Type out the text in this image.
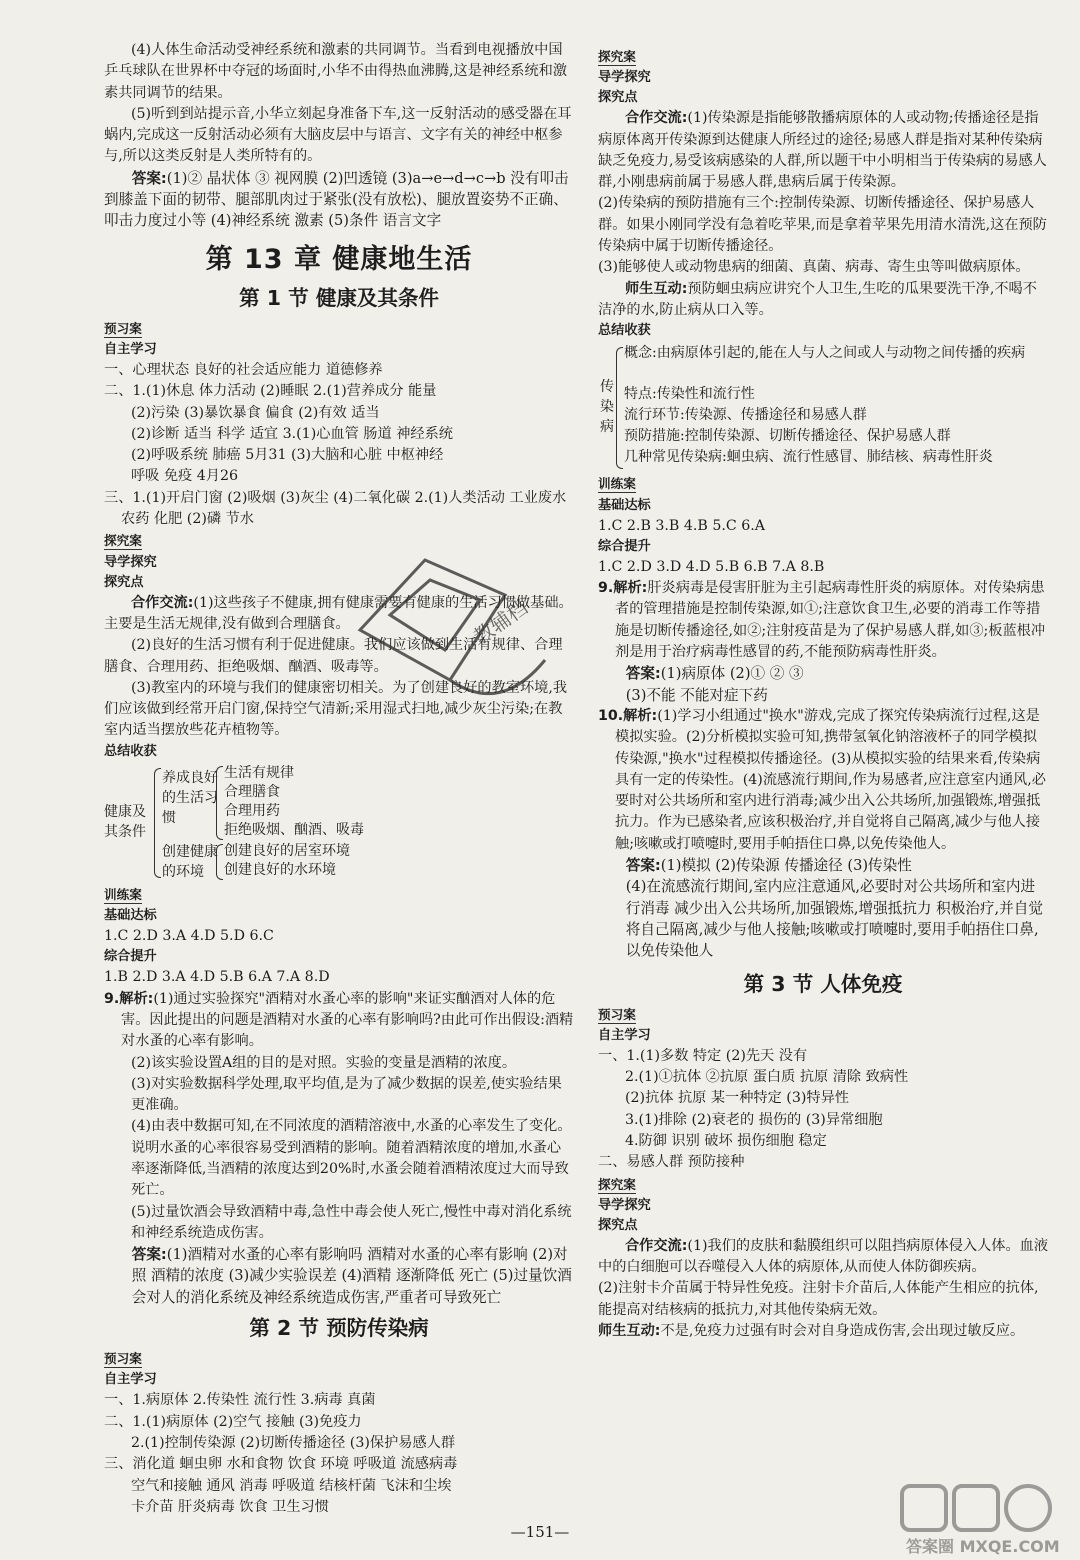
(4)人体生命活动受神经系统和激素的共同调节。当看到电视播放中国乒乓球队在世界杯中夺冠的场面时,小华不由得热血沸腾,这是神经系统和激素共同调节的结果。

(5)听到到站提示音,小华立刻起身准备下车,这一反射活动的感受器在耳蜗内,完成这一反射活动必须有大脑皮层中与语言、文字有关的神经中枢参与,所以这类反射是人类所特有的。

答案:(1)② 晶状体 ③ 视网膜 (2)凹透镜 (3)a→e→d→c→b 没有叩击到膝盖下面的韧带、腿部肌肉过于紧张(没有放松)、腿放置姿势不正确、叩击力度过小等 (4)神经系统 激素 (5)条件 语言文字

第 13 章 健康地生活
第 1 节 健康及其条件
预习案
自主学习

一、心理状态 良好的社会适应能力 道德修养

二、1.(1)休息 体力活动 (2)睡眠 2.(1)营养成分 能量

(2)污染 (3)暴饮暴食 偏食 (2)有效 适当

(2)诊断 适当 科学 适宜 3.(1)心血管 肠道 神经系统

(2)呼吸系统 肺癌 5月31 (3)大脑和心脏 中枢神经

呼吸 免疫 4月26

三、1.(1)开启门窗 (2)吸烟 (3)灰尘 (4)二氧化碳 2.(1)人类活动 工业废水 农药 化肥 (2)磷 节水

探究案
导学探究
探究点

合作交流:(1)这些孩子不健康,拥有健康需要有健康的生活习惯做基础。主要是生活无规律,没有做到合理膳食。

(2)良好的生活习惯有利于促进健康。我们应该做到生活有规律、合理膳食、合理用药、拒绝吸烟、酗酒、吸毒等。

(3)教室内的环境与我们的健康密切相关。为了创建良好的教室环境,我们应该做到经常开启门窗,保持空气清新;采用湿式扫地,减少灰尘污染;在教室内适当摆放些花卉植物等。

总结收获
健康及其条件
养成良好的生活习惯
生活有规律
合理膳食
合理用药
拒绝吸烟、酗酒、吸毒
创建健康的环境
创建良好的居室环境
创建良好的水环境
训练案
基础达标

1.C 2.D 3.A 4.D 5.D 6.C

综合提升

1.B 2.D 3.A 4.D 5.B 6.A 7.A 8.D

9.解析:(1)通过实验探究"酒精对水蚤心率的影响"来证实酗酒对人体的危害。因此提出的问题是酒精对水蚤的心率有影响吗?由此可作出假设:酒精对水蚤的心率有影响。

(2)该实验设置A组的目的是对照。实验的变量是酒精的浓度。

(3)对实验数据科学处理,取平均值,是为了减少数据的误差,使实验结果更准确。

(4)由表中数据可知,在不同浓度的酒精溶液中,水蚤的心率发生了变化。说明水蚤的心率很容易受到酒精的影响。随着酒精浓度的增加,水蚤心率逐渐降低,当酒精的浓度达到20%时,水蚤会随着酒精浓度过大而导致死亡。

(5)过量饮酒会导致酒精中毒,急性中毒会使人死亡,慢性中毒对消化系统和神经系统造成伤害。

答案:(1)酒精对水蚤的心率有影响吗 酒精对水蚤的心率有影响 (2)对照 酒精的浓度 (3)减少实验误差 (4)酒精 逐渐降低 死亡 (5)过量饮酒会对人的消化系统及神经系统造成伤害,严重者可导致死亡

第 2 节 预防传染病
预习案
自主学习

一、1.病原体 2.传染性 流行性 3.病毒 真菌

二、1.(1)病原体 (2)空气 接触 (3)免疫力

2.(1)控制传染源 (2)切断传播途径 (3)保护易感人群

三、消化道 蛔虫卵 水和食物 饮食 环境 呼吸道 流感病毒

空气和接触 通风 消毒 呼吸道 结核杆菌 飞沫和尘埃

卡介苗 肝炎病毒 饮食 卫生习惯

探究案
导学探究
探究点

合作交流:(1)传染源是指能够散播病原体的人或动物;传播途径是指病原体离开传染源到达健康人所经过的途径;易感人群是指对某种传染病缺乏免疫力,易受该病感染的人群,所以题干中小明相当于传染病的易感人群,小刚患病前属于易感人群,患病后属于传染源。

(2)传染病的预防措施有三个:控制传染源、切断传播途径、保护易感人群。如果小刚同学没有急着吃苹果,而是拿着苹果先用清水清洗,这在预防传染病中属于切断传播途径。

(3)能够使人或动物患病的细菌、真菌、病毒、寄生虫等叫做病原体。

师生互动:预防蛔虫病应讲究个人卫生,生吃的瓜果要洗干净,不喝不洁净的水,防止病从口入等。

总结收获
传染病
概念:由病原体引起的,能在人与人之间或人与动物之间传播的疾病
特点:传染性和流行性
流行环节:传染源、传播途径和易感人群
预防措施:控制传染源、切断传播途径、保护易感人群
几种常见传染病:蛔虫病、流行性感冒、肺结核、病毒性肝炎
训练案
基础达标

1.C 2.B 3.B 4.B 5.C 6.A

综合提升

1.C 2.D 3.D 4.D 5.B 6.B 7.A 8.B

9.解析:肝炎病毒是侵害肝脏为主引起病毒性肝炎的病原体。对传染病患者的管理措施是控制传染源,如①;注意饮食卫生,必要的消毒工作等措施是切断传播途径,如②;注射疫苗是为了保护易感人群,如③;板蓝根冲剂是用于治疗病毒性感冒的药,不能预防病毒性肝炎。

答案:(1)病原体 (2)① ② ③

(3)不能 不能对症下药

10.解析:(1)学习小组通过"换水"游戏,完成了探究传染病流行过程,这是模拟实验。(2)分析模拟实验可知,携带氢氧化钠溶液杯子的同学模拟传染源,"换水"过程模拟传播途径。(3)从模拟实验的结果来看,传染病具有一定的传染性。(4)流感流行期间,作为易感者,应注意室内通风,必要时对公共场所和室内进行消毒;减少出入公共场所,加强锻炼,增强抵抗力。作为已感染者,应该积极治疗,并自觉将自己隔离,减少与他人接触;咳嗽或打喷嚏时,要用手帕捂住口鼻,以免传染他人。

答案:(1)模拟 (2)传染源 传播途径 (3)传染性

(4)在流感流行期间,室内应注意通风,必要时对公共场所和室内进行消毒 减少出入公共场所,加强锻炼,增强抵抗力 积极治疗,并自觉将自己隔离,减少与他人接触;咳嗽或打喷嚏时,要用手帕捂住口鼻,以免传染他人

第 3 节 人体免疫
预习案
自主学习

一、1.(1)多数 特定 (2)先天 没有

2.(1)①抗体 ②抗原 蛋白质 抗原 清除 致病性

(2)抗体 抗原 某一种特定 (3)特异性

3.(1)排除 (2)衰老的 损伤的 (3)异常细胞

4.防御 识别 破坏 损伤细胞 稳定

二、易感人群 预防接种

探究案
导学探究
探究点

合作交流:(1)我们的皮肤和黏膜组织可以阻挡病原体侵入人体。血液中的白细胞可以吞噬侵入人体的病原体,从而使人体防御疾病。

(2)注射卡介苗属于特异性免疫。注射卡介苗后,人体能产生相应的抗体,能提高对结核病的抵抗力,对其他传染病无效。

师生互动:不是,免疫力过强有时会对自身造成伤害,会出现过敏反应。

教辅档
—151—
答案圈 MXQE.COM
